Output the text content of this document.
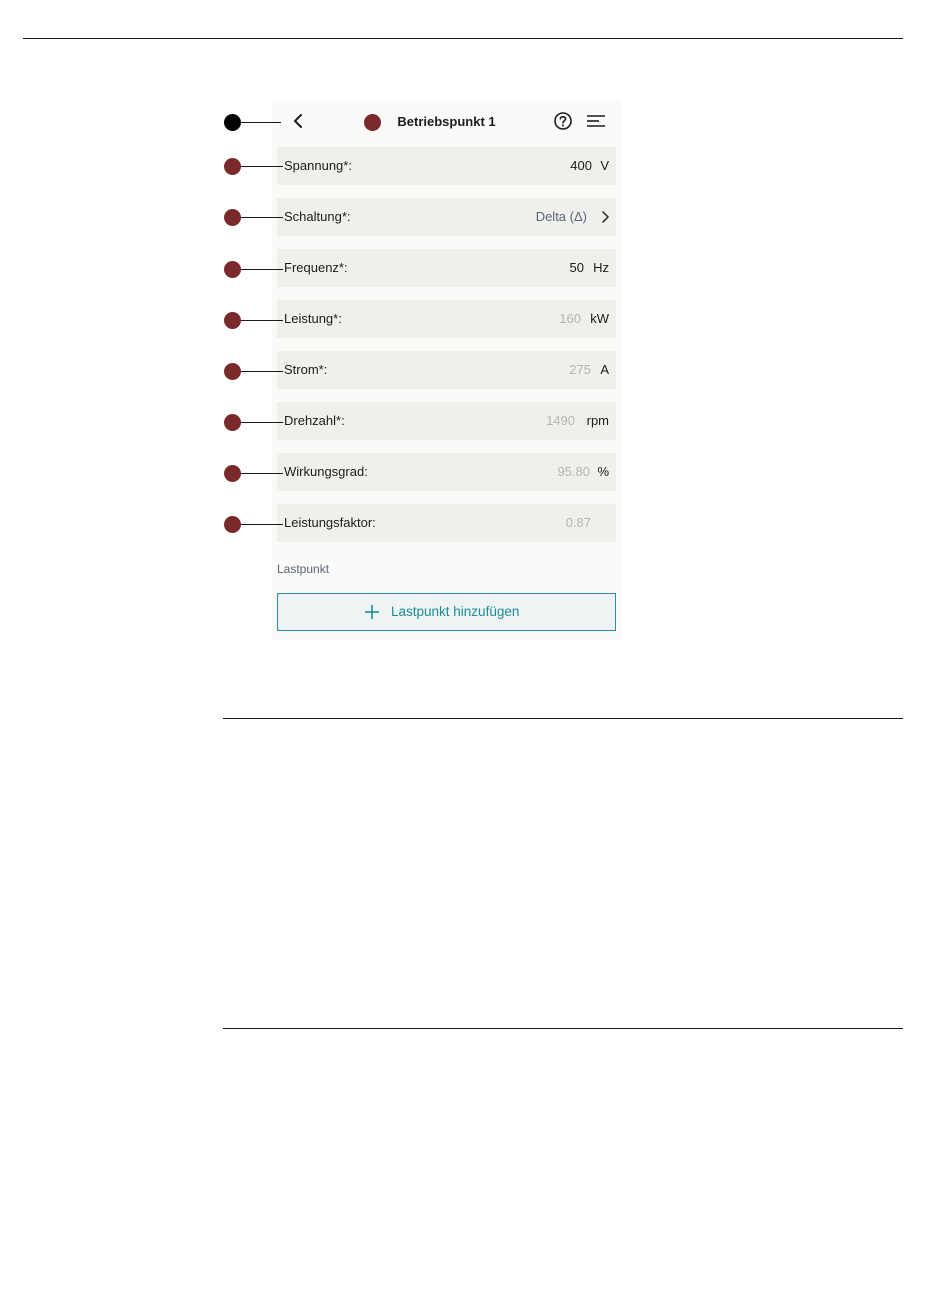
Betriebspunkt 1
Spannung*:	400 V
Schaltung*:	Delta (Δ)
Frequenz*:	50 Hz
Leistung*:	160 kW
Strom*:	275 A
Drehzahl*:	1490 rpm
Wirkungsgrad:	95.80 %
Leistungsfaktor:	0.87
Lastpunkt
Lastpunkt hinzufügen
